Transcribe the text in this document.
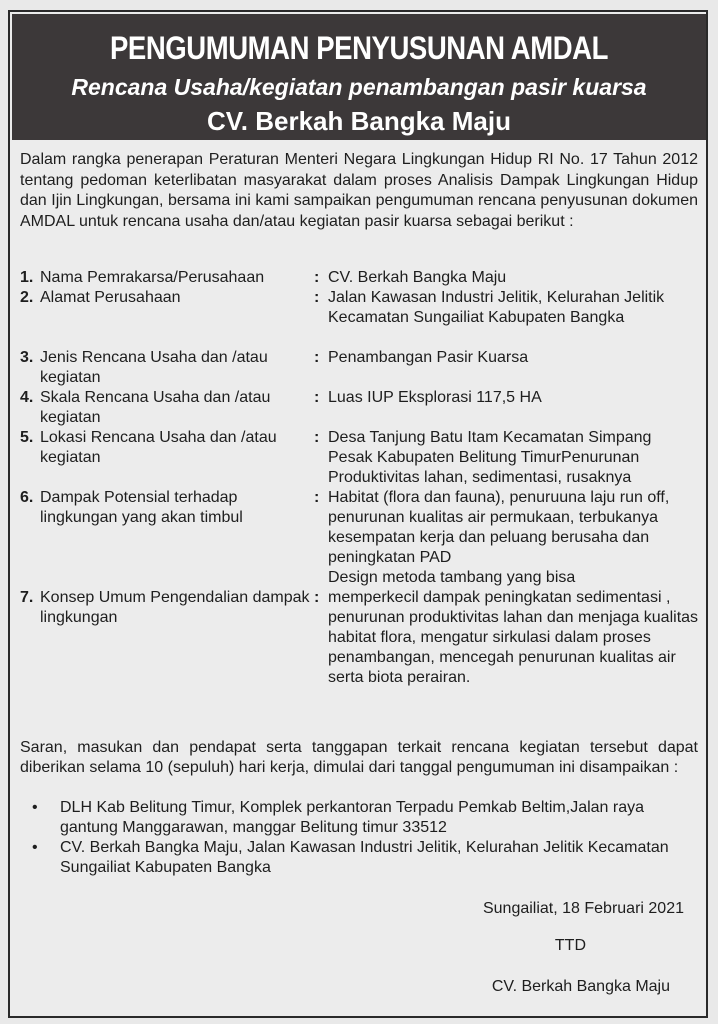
PENGUMUMAN PENYUSUNAN AMDAL
Rencana Usaha/kegiatan penambangan pasir kuarsa
CV. Berkah Bangka Maju
Dalam rangka penerapan Peraturan Menteri Negara Lingkungan Hidup RI No. 17 Tahun 2012 tentang pedoman keterlibatan masyarakat dalam proses Analisis Dampak Lingkungan Hidup dan Ijin Lingkungan, bersama ini kami sampaikan pengumuman rencana penyusunan dokumen AMDAL untuk rencana usaha dan/atau kegiatan pasir kuarsa sebagai berikut :
1. Nama Pemrakarsa/Perusahaan	: CV. Berkah Bangka Maju
2. Alamat Perusahaan	: Jalan Kawasan Industri Jelitik, Kelurahan Jelitik Kecamatan Sungailiat Kabupaten Bangka
3. Jenis Rencana Usaha dan /atau kegiatan
: Penambangan Pasir Kuarsa
4. Skala Rencana Usaha dan /atau kegiatan
: Luas IUP Eksplorasi 117,5 HA
5. Lokasi Rencana Usaha dan /atau kegiatan
: Desa Tanjung Batu Itam Kecamatan Simpang Pesak Kabupaten Belitung TimurPenurunan Produktivitas lahan, sedimentasi, rusaknya
6. Dampak Potensial terhadap lingkungan yang akan timbul
: Habitat (flora dan fauna), penuruuna laju run off, penurunan kualitas air permukaan, terbukanya kesempatan kerja dan peluang berusaha dan peningkatan PAD
Design metoda tambang yang bisa
7. Konsep Umum Pengendalian dampak lingkungan
: memperkecil dampak peningkatan sedimentasi , penurunan produktivitas lahan dan menjaga kualitas habitat flora, mengatur sirkulasi dalam proses penambangan, mencegah penurunan kualitas air serta biota perairan.
Saran, masukan dan pendapat serta tanggapan terkait rencana kegiatan tersebut dapat diberikan selama 10 (sepuluh) hari kerja, dimulai dari tanggal pengumuman ini disampaikan :
• DLH Kab Belitung Timur, Komplek perkantoran Terpadu Pemkab Beltim,Jalan raya gantung Manggarawan, manggar Belitung timur 33512
• CV. Berkah Bangka Maju, Jalan Kawasan Industri Jelitik, Kelurahan Jelitik Kecamatan Sungailiat Kabupaten Bangka
Sungailiat, 18 Februari 2021
TTD
CV. Berkah Bangka Maju
